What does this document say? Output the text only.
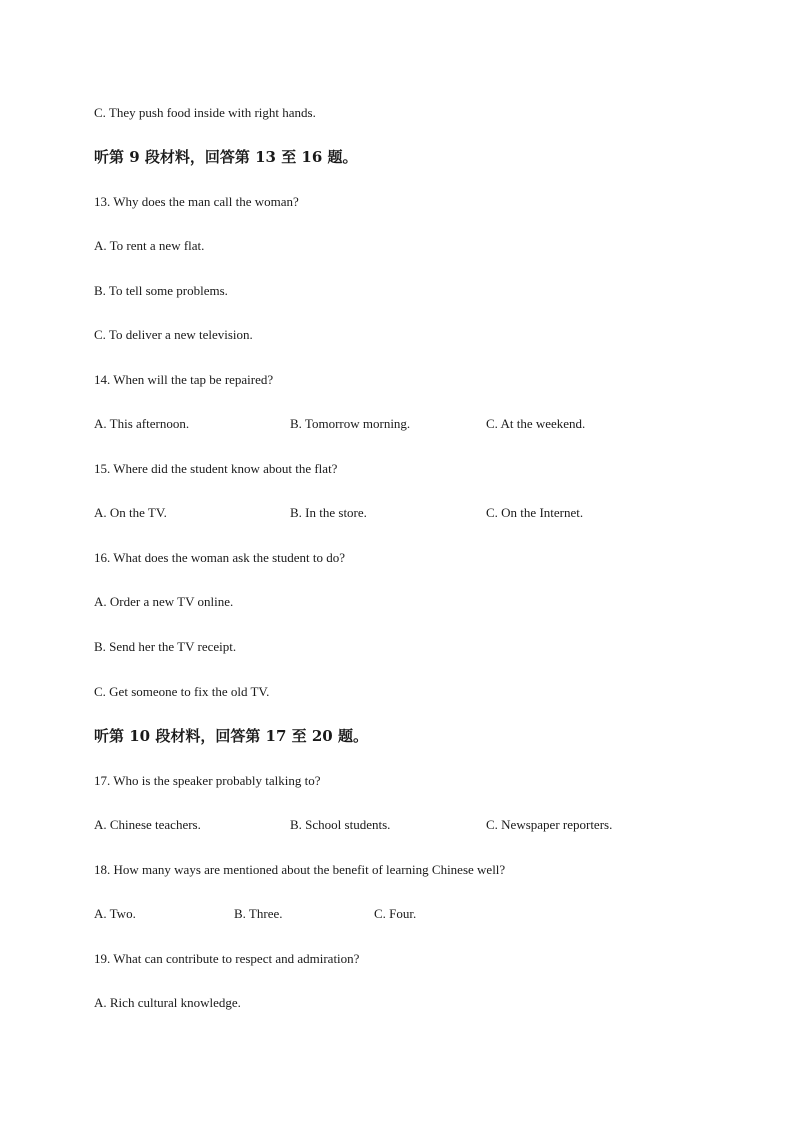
C. They push food inside with right hands.
听第 9 段材料，回答第 13 至 16 题。
13. Why does the man call the woman?
A. To rent a new flat.
B. To tell some problems.
C. To deliver a new television.
14. When will the tap be repaired?
A. This afternoon.	B. Tomorrow morning.	C. At the weekend.
15. Where did the student know about the flat?
A. On the TV.	B. In the store.	C. On the Internet.
16. What does the woman ask the student to do?
A. Order a new TV online.
B. Send her the TV receipt.
C. Get someone to fix the old TV.
听第 10 段材料，回答第 17 至 20 题。
17. Who is the speaker probably talking to?
A. Chinese teachers.	B. School students.	C. Newspaper reporters.
18. How many ways are mentioned about the benefit of learning Chinese well?
A. Two.	B. Three.	C. Four.
19. What can contribute to respect and admiration?
A. Rich cultural knowledge.
